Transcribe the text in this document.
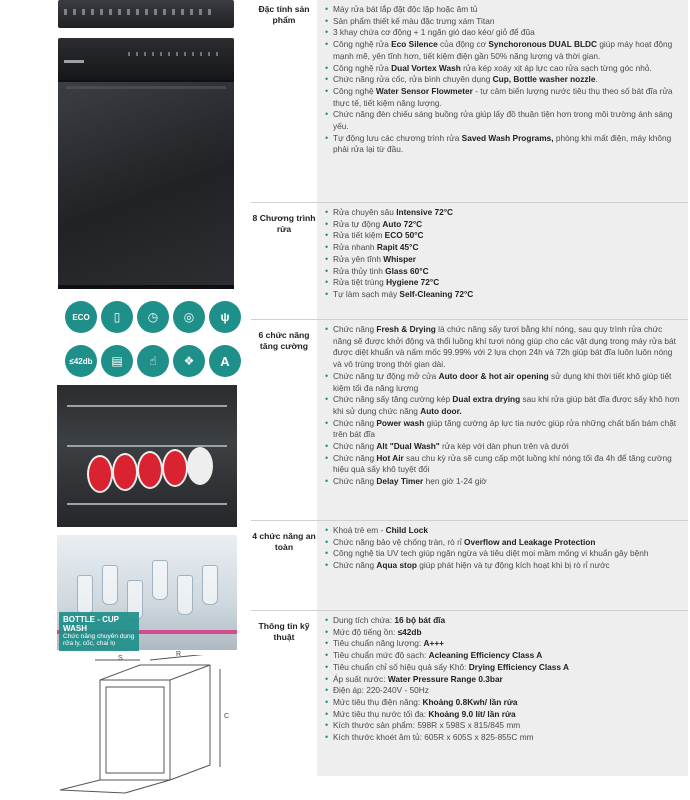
ECO	▯	◷	◎	ψ
≤42db	▤	☝	❖	A
BOTTLE - CUP WASH
Chức năng chuyên dụng rửa ly, cốc, chai lọ
S
R
C
Đặc tính sản phẩm
• Máy rửa bát lắp đặt độc lập hoặc âm tủ
• Sản phẩm thiết kế màu đặc trưng xám Titan
• 3 khay chứa cơ động + 1 ngăn gió dao kéo/ giỏ để đũa
• Công nghệ rửa Eco Silence của động cơ Synchoronous DUAL BLDC giúp máy hoạt động mạnh mẽ, yên tĩnh hơn, tiết kiệm điện gần 50% năng lượng và thời gian.
• Công nghệ rửa Dual Vortex Wash rửa kép xoáy xịt áp lực cao rửa sạch từng góc nhỏ.
• Chức năng rửa cốc, rửa bình chuyên dụng Cup, Bottle washer nozzle.
• Công nghệ Water Sensor Flowmeter - tự cảm biến lượng nước tiêu thụ theo số bát đĩa rửa thực tế, tiết kiệm năng lượng.
• Chức năng đèn chiếu sáng buồng rửa giúp lấy đồ thuận tiện hơn trong môi trường ánh sáng yếu.
• Tự động lưu các chương trình rửa Saved Wash Programs, phòng khi mất điện, máy không phải rửa lại từ đầu.
8 Chương trình rửa
• Rửa chuyên sâu Intensive 72°C
• Rửa tự động Auto 72°C
• Rửa tiết kiệm ECO 50°C
• Rửa nhanh Rapit 45°C
• Rửa yên tĩnh Whisper
• Rửa thủy tinh Glass 60°C
• Rửa tiệt trùng Hygiene 72°C
• Tự làm sạch máy Self-Cleaning 72°C
6 chức năng tăng cường
• Chức năng Fresh & Drying là chức năng sấy tươi bằng khí nóng, sau quy trình rửa chức năng sẽ được khởi động và thổi luồng khí tươi nóng giúp cho các vật dụng trong máy rửa bát được diệt khuẩn và nấm mốc 99.99% với 2 lựa chọn 24h và 72h giúp bát đĩa luôn luôn nóng và vô trùng trong thời gian dài.
• Chức năng tự động mở cửa Auto door & hot air opening sử dụng khi thời tiết khô giúp tiết kiệm tối đa năng lượng
• Chức năng sấy tăng cường kép Dual extra drying sau khi rửa giúp bát đĩa được sấy khô hơn khi sử dụng chức năng Auto door.
• Chức năng Power wash giúp tăng cường áp lực tia nước giúp rửa những chất bẩn bám chặt trên bát đĩa
• Chức năng Alt "Dual Wash" rửa kép với dàn phun trên và dưới
• Chức năng Hot Air sau chu kỳ rửa sẽ cung cấp một luồng khí nóng tối đa 4h để tăng cường hiệu quả sấy khô tuyệt đối
• Chức năng Delay Timer hẹn giờ 1-24 giờ
4 chức năng an toàn
• Khoá trẻ em - Child Lock
• Chức năng bảo vệ chống tràn, rò rỉ Overflow and Leakage Protection
• Công nghệ tia UV tech giúp ngăn ngừa và tiêu diệt mọi mầm mống vi khuẩn gây bệnh
• Chức năng Aqua stop giúp phát hiện và tự động kích hoạt khi bị rò rỉ nước
Thông tin kỹ thuật
• Dung tích chứa: 16 bộ bát đĩa
• Mức độ tiếng ồn: ≤42db
• Tiêu chuẩn năng lượng: A+++
• Tiêu chuẩn mức độ sạch: Acleaning Efficiency Class A
• Tiêu chuẩn chỉ số hiệu quả sấy Khô: Drying Efficiency Class A
• Áp suất nước: Water Pressure Range 0.3bar
• Điện áp: 220-240V - 50Hz
• Mức tiêu thụ điện năng: Khoảng 0.8Kwh/ lần rửa
• Mức tiêu thụ nước tối đa: Khoảng 9.0 lít/ lần rửa
• Kích thước sản phẩm: 598R x 598S x 815/845 mm
• Kích thước khoét âm tủ: 605R x 605S x 825-855C mm
